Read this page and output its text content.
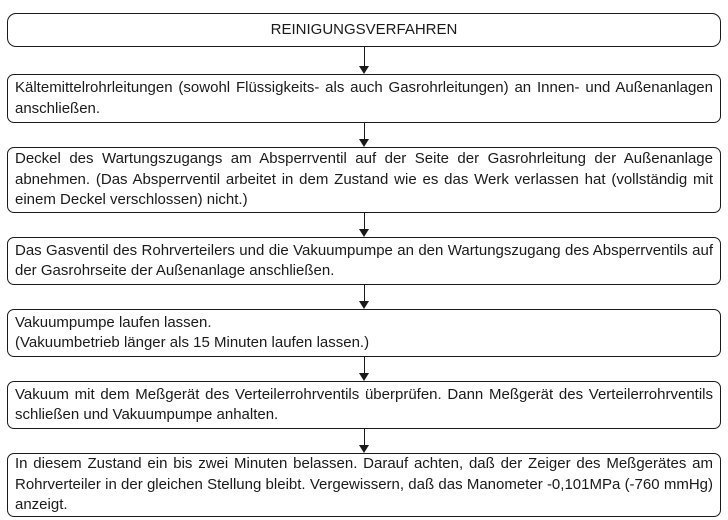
REINIGUNGSVERFAHREN

Kältemittelrohrleitungen (sowohl Flüssigkeits- als auch Gasrohrleitungen) an Innen- und Außenanlagen anschließen.

Deckel des Wartungszugangs am Absperrventil auf der Seite der Gasrohrleitung der Außenanlage abnehmen. (Das Absperrventil arbeitet in dem Zustand wie es das Werk verlassen hat (vollständig mit einem Deckel verschlossen) nicht.)

Das Gasventil des Rohrverteilers und die Vakuumpumpe an den Wartungszugang des Absperrventils auf der Gasrohrseite der Außenanlage anschließen.

Vakuumpumpe laufen lassen.
(Vakuumbetrieb länger als 15 Minuten laufen lassen.)

Vakuum mit dem Meßgerät des Verteilerrohrventils überprüfen. Dann Meßgerät des Verteilerrohrventils schließen und Vakuumpumpe anhalten.

In diesem Zustand ein bis zwei Minuten belassen. Darauf achten, daß der Zeiger des Meßgerätes am Rohrverteiler in der gleichen Stellung bleibt. Vergewissern, daß das Manometer -0,101MPa (-760 mmHg) anzeigt.
